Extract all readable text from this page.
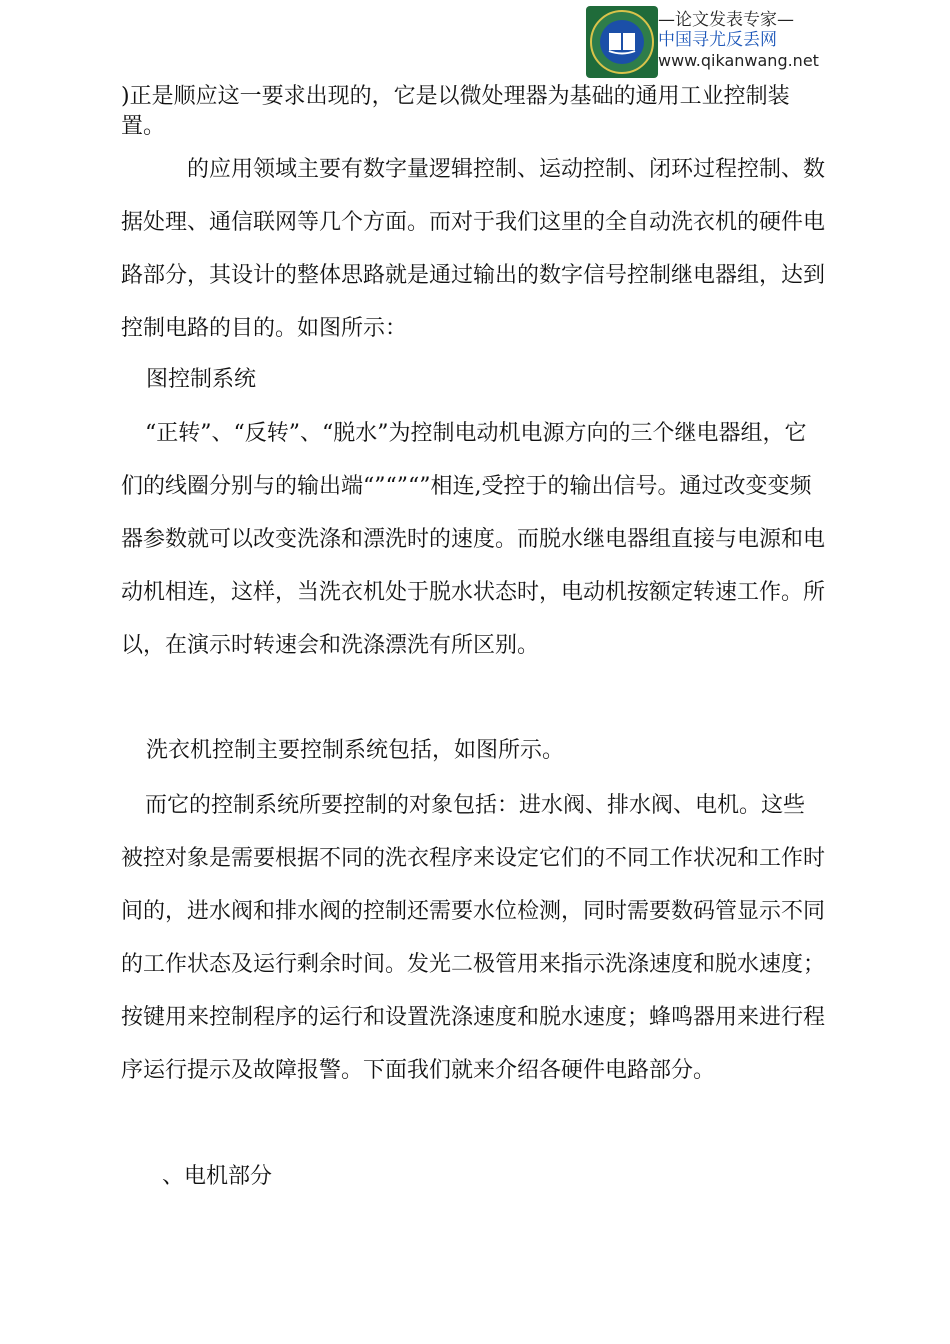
—论文发表专家—
中国寻尤反丢网
www.qikanwang.net

)正是顺应这一要求出现的，它是以微处理器为基础的通用工业控制装置。

的应用领域主要有数字量逻辑控制、运动控制、闭环过程控制、数据处理、通信联网等几个方面。而对于我们这里的全自动洗衣机的硬件电路部分，其设计的整体思路就是通过输出的数字信号控制继电器组，达到控制电路的目的。如图所示：

图控制系统

“正转”、“反转”、“脱水”为控制电动机电源方向的三个继电器组，它们的线圈分别与的输出端“”“”“”相连,受控于的输出信号。通过改变变频器参数就可以改变洗涤和漂洗时的速度。而脱水继电器组直接与电源和电动机相连，这样，当洗衣机处于脱水状态时，电动机按额定转速工作。所以，在演示时转速会和洗涤漂洗有所区别。

洗衣机控制主要控制系统包括，如图所示。

而它的控制系统所要控制的对象包括：进水阀、排水阀、电机。这些被控对象是需要根据不同的洗衣程序来设定它们的不同工作状况和工作时间的，进水阀和排水阀的控制还需要水位检测，同时需要数码管显示不同的工作状态及运行剩余时间。发光二极管用来指示洗涤速度和脱水速度；按键用来控制程序的运行和设置洗涤速度和脱水速度；蜂鸣器用来进行程序运行提示及故障报警。下面我们就来介绍各硬件电路部分。

、电机部分
